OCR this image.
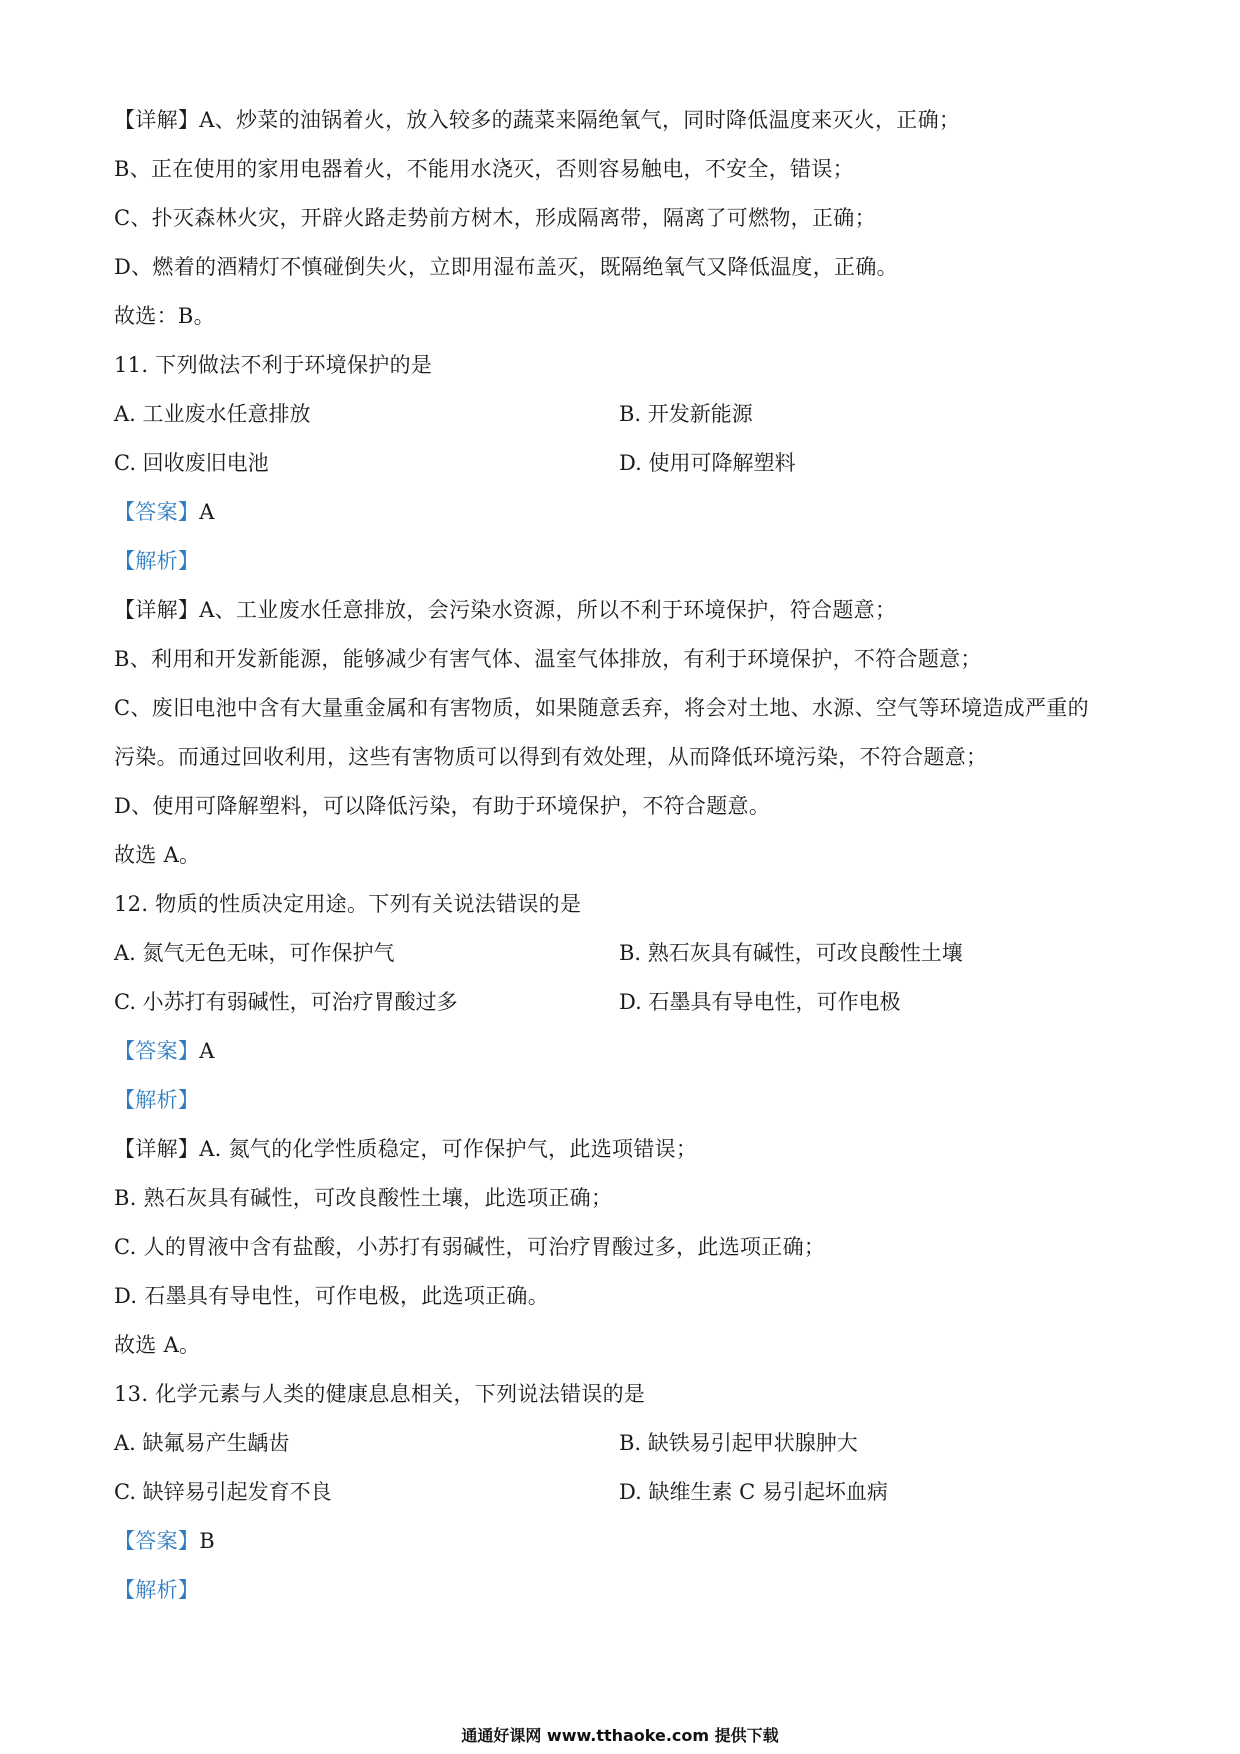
【详解】A、炒菜的油锅着火，放入较多的蔬菜来隔绝氧气，同时降低温度来灭火，正确；
B、正在使用的家用电器着火，不能用水浇灭，否则容易触电，不安全，错误；
C、扑灭森林火灾，开辟火路走势前方树木，形成隔离带，隔离了可燃物，正确；
D、燃着的酒精灯不慎碰倒失火，立即用湿布盖灭，既隔绝氧气又降低温度，正确。
故选：B。
11. 下列做法不利于环境保护的是
A. 工业废水任意排放	B. 开发新能源
C. 回收废旧电池	D. 使用可降解塑料
【答案】A
【解析】
【详解】A、工业废水任意排放，会污染水资源，所以不利于环境保护，符合题意；
B、利用和开发新能源，能够减少有害气体、温室气体排放，有利于环境保护，不符合题意；
C、废旧电池中含有大量重金属和有害物质，如果随意丢弃，将会对土地、水源、空气等环境造成严重的
污染。而通过回收利用，这些有害物质可以得到有效处理，从而降低环境污染，不符合题意；
D、使用可降解塑料，可以降低污染，有助于环境保护，不符合题意。
故选 A。
12. 物质的性质决定用途。下列有关说法错误的是
A. 氮气无色无味，可作保护气	B. 熟石灰具有碱性，可改良酸性土壤
C. 小苏打有弱碱性，可治疗胃酸过多	D. 石墨具有导电性，可作电极
【答案】A
【解析】
【详解】A. 氮气的化学性质稳定，可作保护气，此选项错误；
B. 熟石灰具有碱性，可改良酸性土壤，此选项正确；
C. 人的胃液中含有盐酸，小苏打有弱碱性，可治疗胃酸过多，此选项正确；
D. 石墨具有导电性，可作电极，此选项正确。
故选 A。
13. 化学元素与人类的健康息息相关，下列说法错误的是
A. 缺氟易产生龋齿	B. 缺铁易引起甲状腺肿大
C. 缺锌易引起发育不良	D. 缺维生素 C 易引起坏血病
【答案】B
【解析】
通通好课网 www.tthaoke.com 提供下载
